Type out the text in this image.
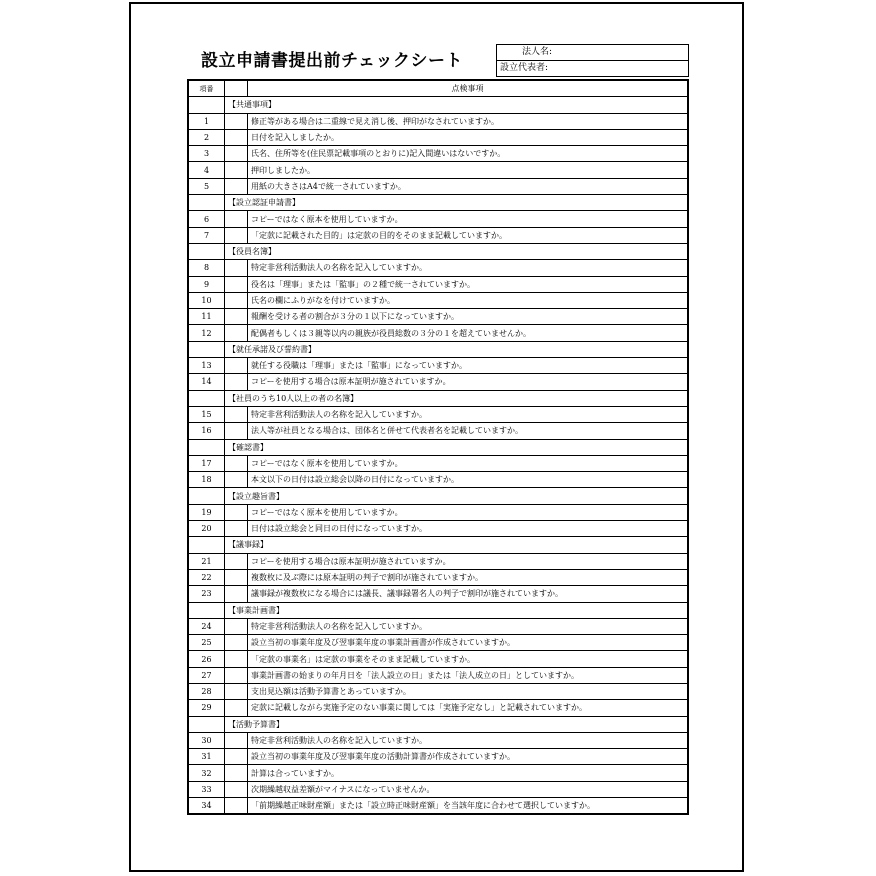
設立申請書提出前チェックシート	法人名:
設立代表者:
項番		点検事項
	【共通事項】	
1		修正等がある場合は二重線で見え消し後、押印がなされていますか。
2		日付を記入しましたか。
3		氏名、住所等を(住民票記載事項のとおりに)記入間違いはないですか。
4		押印しましたか。
5		用紙の大きさはA4で統一されていますか。
	【設立認証申請書】	
6		コピーではなく原本を使用していますか。
7		「定款に記載された目的」は定款の目的をそのまま記載していますか。
	【役員名簿】	
8		特定非営利活動法人の名称を記入していますか。
9		役名は「理事」または「監事」の２種で統一されていますか。
10		氏名の欄にふりがなを付けていますか。
11		報酬を受ける者の割合が３分の１以下になっていますか。
12		配偶者もしくは３親等以内の親族が役員総数の３分の１を超えていませんか。
	【就任承諾及び誓約書】	
13		就任する役職は「理事」または「監事」になっていますか。
14		コピーを使用する場合は原本証明が施されていますか。
	【社員のうち10人以上の者の名簿】	
15		特定非営利活動法人の名称を記入していますか。
16		法人等が社員となる場合は、団体名と併せて代表者名を記載していますか。
	【確認書】	
17		コピーではなく原本を使用していますか。
18		本文以下の日付は設立総会以降の日付になっていますか。
	【設立趣旨書】	
19		コピーではなく原本を使用していますか。
20		日付は設立総会と同日の日付になっていますか。
	【議事録】	
21		コピーを使用する場合は原本証明が施されていますか。
22		複数枚に及ぶ際には原本証明の判子で割印が施されていますか。
23		議事録が複数枚になる場合には議長、議事録署名人の判子で割印が施されていますか。
	【事業計画書】	
24		特定非営利活動法人の名称を記入していますか。
25		設立当初の事業年度及び翌事業年度の事業計画書が作成されていますか。
26		「定款の事業名」は定款の事業をそのまま記載していますか。
27		事業計画書の始まりの年月日を「法人設立の日」または「法人成立の日」としていますか。
28		支出見込額は活動予算書とあっていますか。
29		定款に記載しながら実施予定のない事業に関しては「実施予定なし」と記載されていますか。
	【活動予算書】	
30		特定非営利活動法人の名称を記入していますか。
31		設立当初の事業年度及び翌事業年度の活動計算書が作成されていますか。
32		計算は合っていますか。
33		次期繰越収益差額がマイナスになっていませんか。
34		「前期繰越正味財産額」または「設立時正味財産額」を当該年度に合わせて選択していますか。
